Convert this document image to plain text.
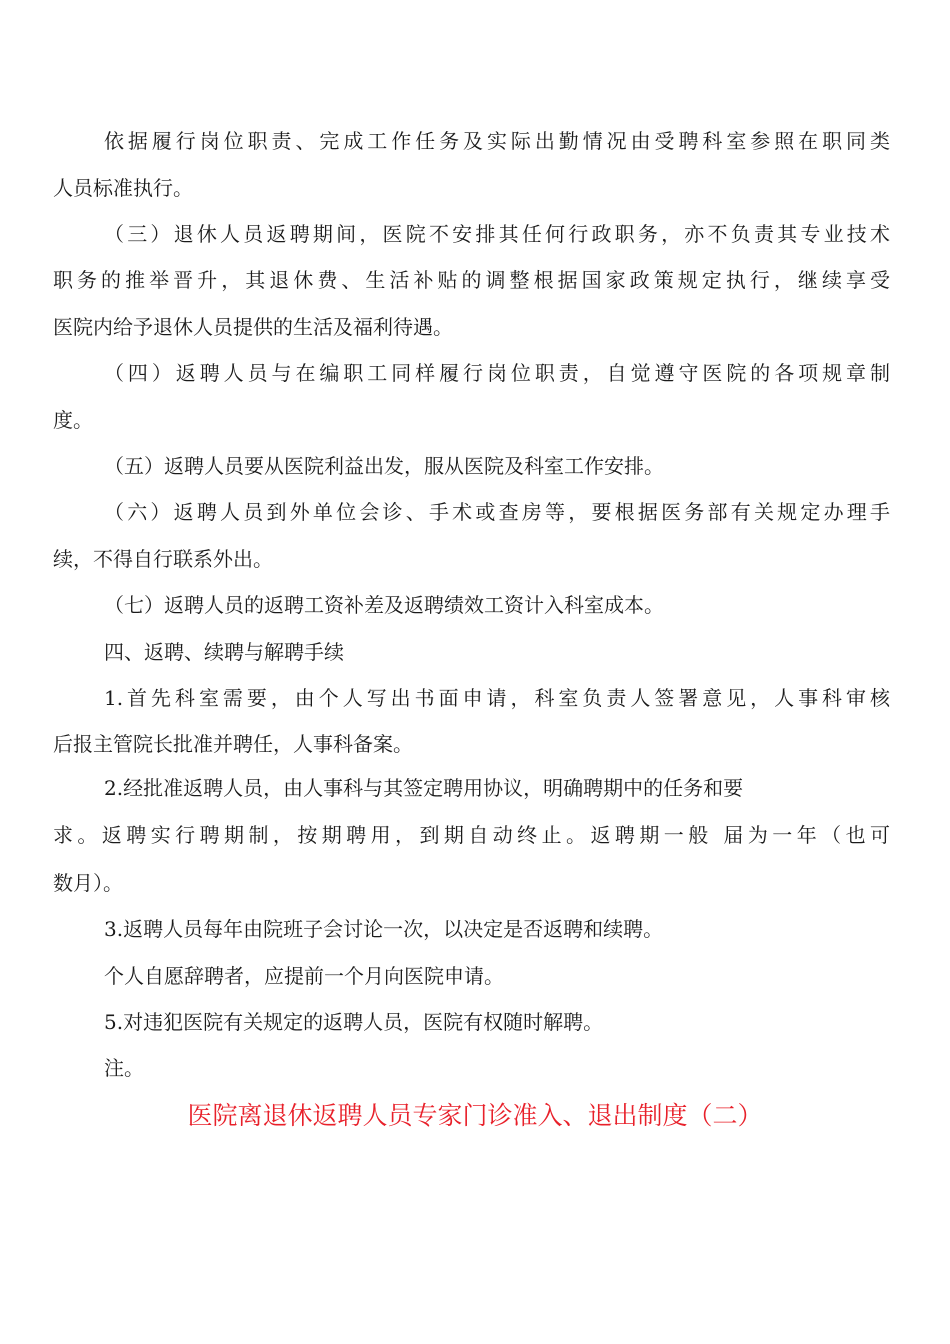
依据履行岗位职责、完成工作任务及实际出勤情况由受聘科室参照在职同类
人员标准执行。
（三）退休人员返聘期间，医院不安排其任何行政职务，亦不负责其专业技术
职务的推举晋升，其退休费、生活补贴的调整根据国家政策规定执行，继续享受
医院内给予退休人员提供的生活及福利待遇。
（四）返聘人员与在编职工同样履行岗位职责，自觉遵守医院的各项规章制
度。
（五）返聘人员要从医院利益出发，服从医院及科室工作安排。
（六）返聘人员到外单位会诊、手术或查房等，要根据医务部有关规定办理手
续，不得自行联系外出。
（七）返聘人员的返聘工资补差及返聘绩效工资计入科室成本。
四、返聘、续聘与解聘手续
1.首先科室需要，由个人写出书面申请，科室负责人签署意见，人事科审核
后报主管院长批准并聘任，人事科备案。
2.经批准返聘人员，由人事科与其签定聘用协议，明确聘期中的任务和要
求。返聘实行聘期制，按期聘用，到期自动终止。返聘期一般 届为一年（也可
数月）。
3.返聘人员每年由院班子会讨论一次，以决定是否返聘和续聘。
个人自愿辞聘者，应提前一个月向医院申请。
5.对违犯医院有关规定的返聘人员，医院有权随时解聘。
注。
医院离退休返聘人员专家门诊准入、退出制度（二）
